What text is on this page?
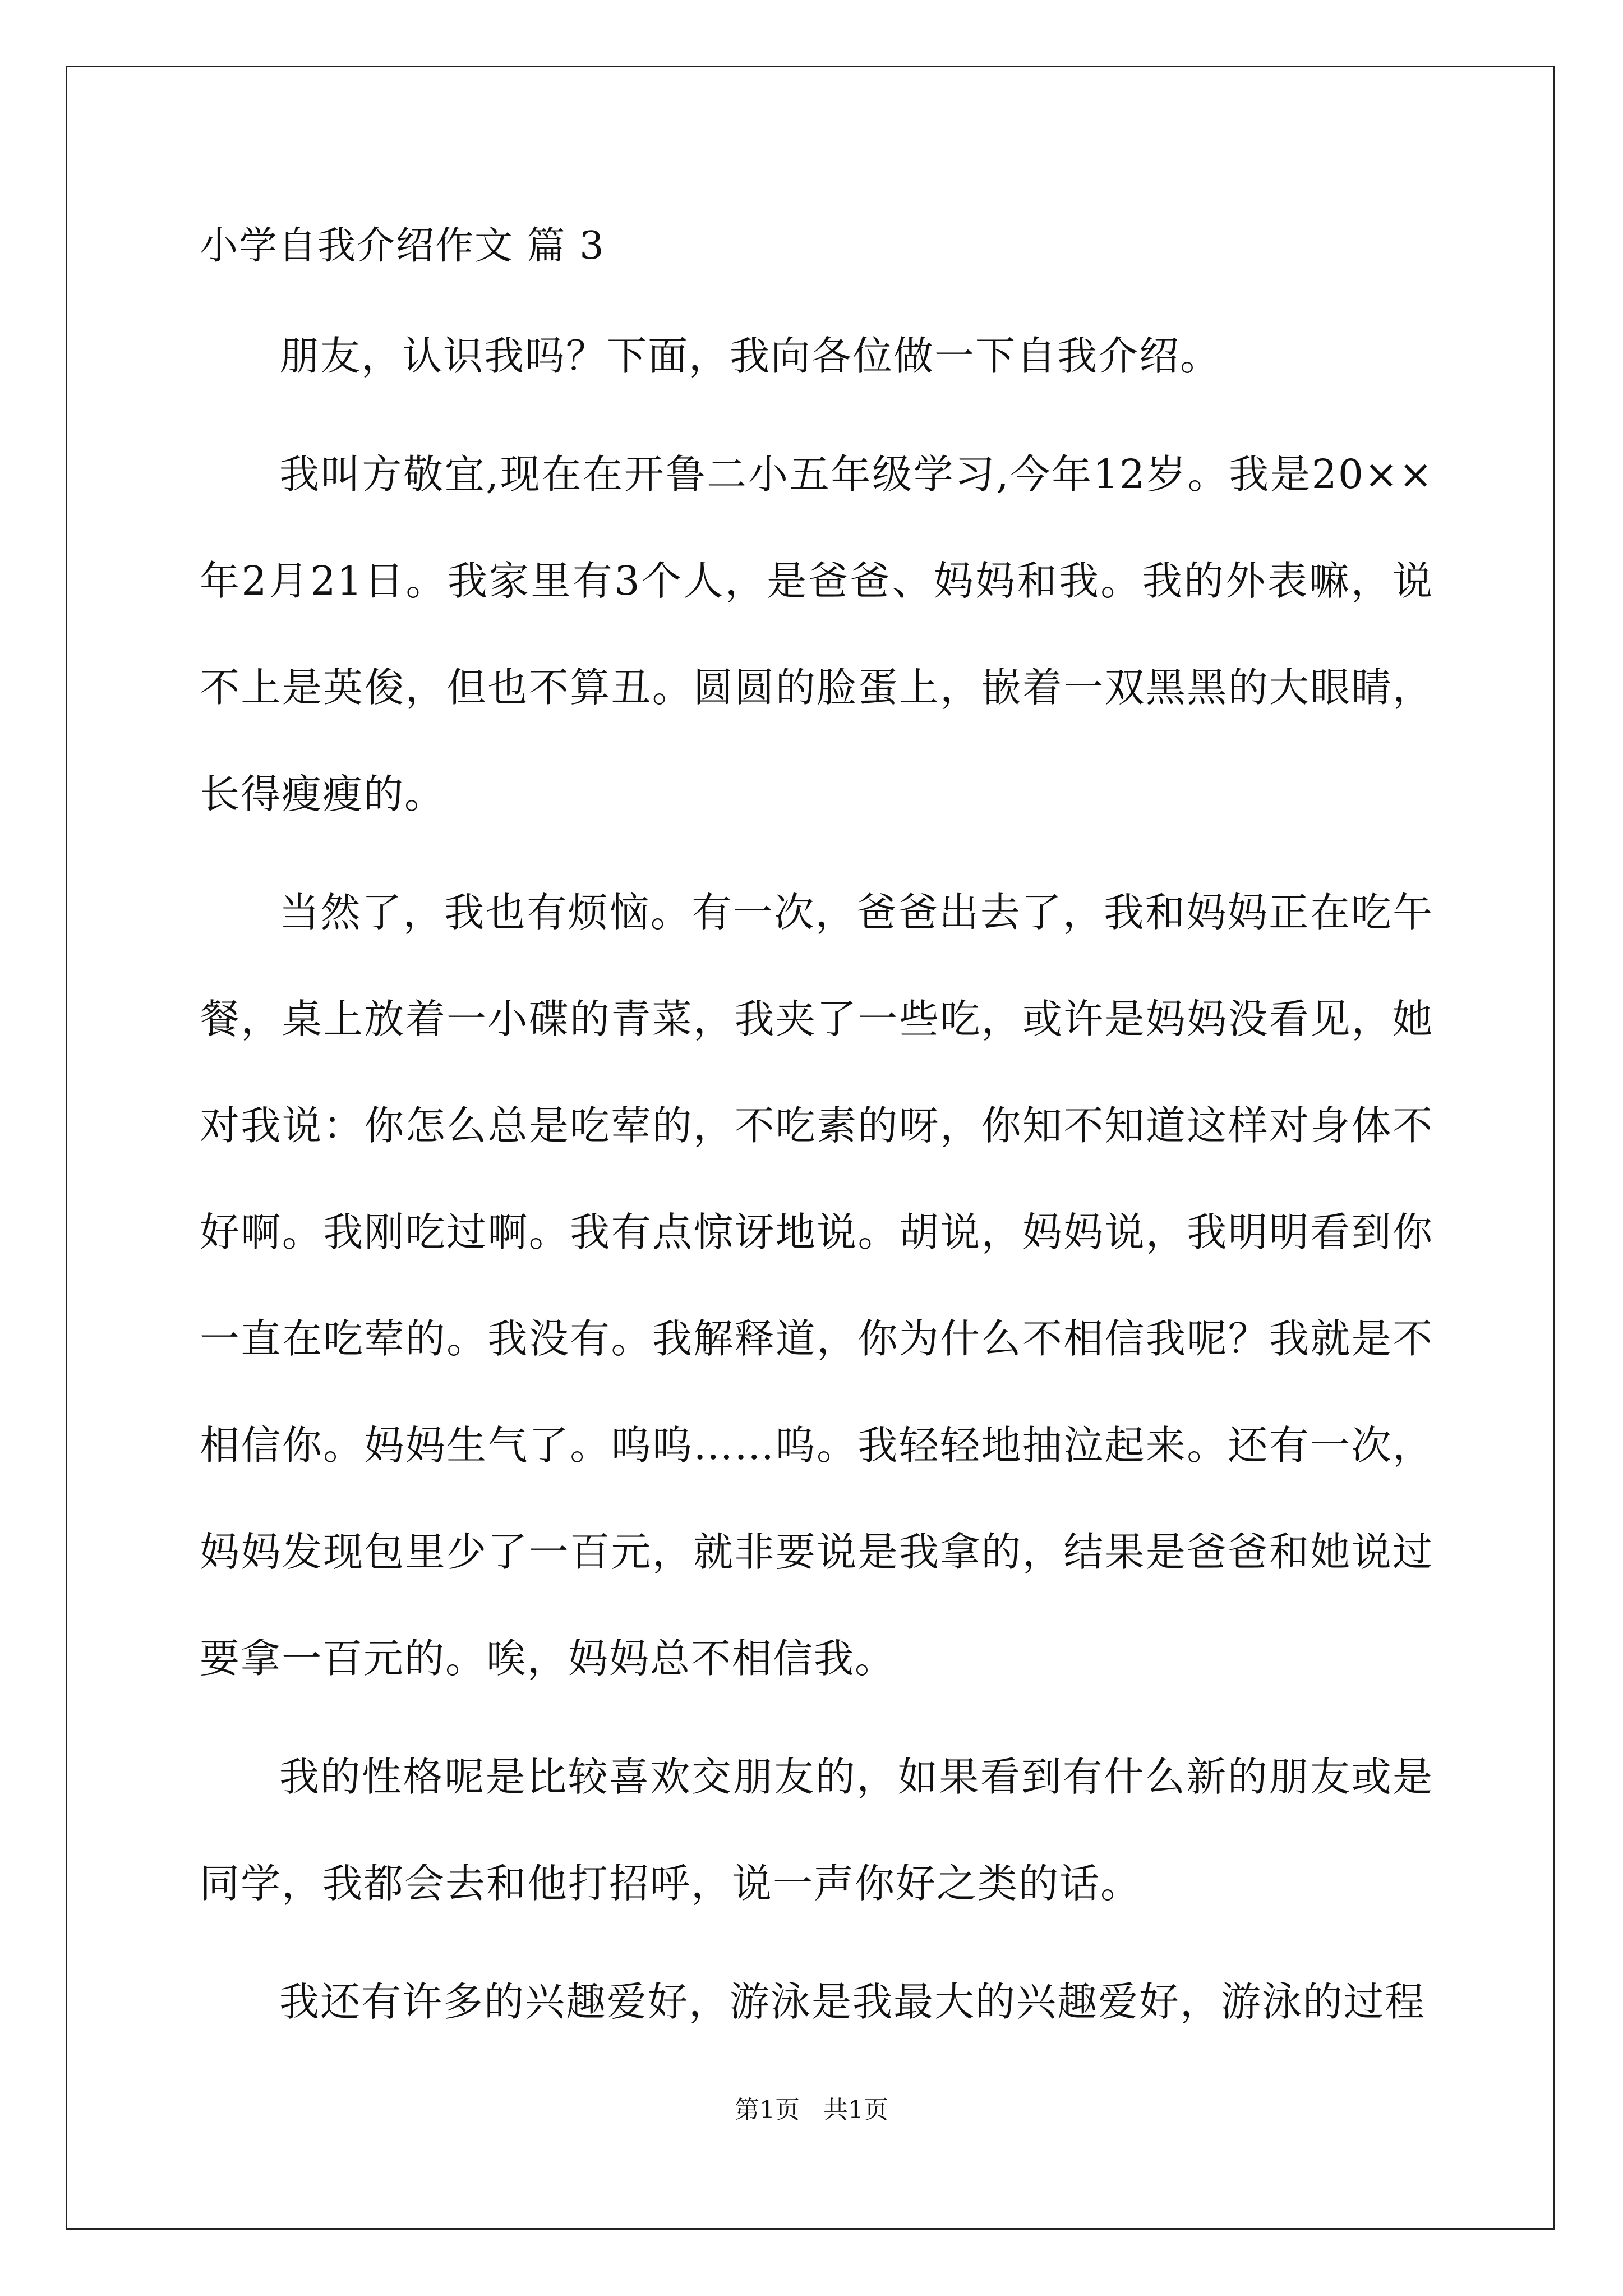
小学自我介绍作文 篇 3

朋友，认识我吗？下面，我向各位做一下自我介绍。

我叫方敬宜,现在在开鲁二小五年级学习,今年12岁。我是20××年2月21日。我家里有3个人，是爸爸、妈妈和我。我的外表嘛，说不上是英俊，但也不算丑。圆圆的脸蛋上，嵌着一双黑黑的大眼睛，长得瘦瘦的。

当然了，我也有烦恼。有一次，爸爸出去了，我和妈妈正在吃午餐，桌上放着一小碟的青菜，我夹了一些吃，或许是妈妈没看见，她对我说：你怎么总是吃荤的，不吃素的呀，你知不知道这样对身体不好啊。我刚吃过啊。我有点惊讶地说。胡说，妈妈说，我明明看到你一直在吃荤的。我没有。我解释道，你为什么不相信我呢？我就是不相信你。妈妈生气了。呜呜……呜。我轻轻地抽泣起来。还有一次，妈妈发现包里少了一百元，就非要说是我拿的，结果是爸爸和她说过要拿一百元的。唉，妈妈总不相信我。

我的性格呢是比较喜欢交朋友的，如果看到有什么新的朋友或是同学，我都会去和他打招呼，说一声你好之类的话。

我还有许多的兴趣爱好，游泳是我最大的兴趣爱好，游泳的过程

第1页   共1页
